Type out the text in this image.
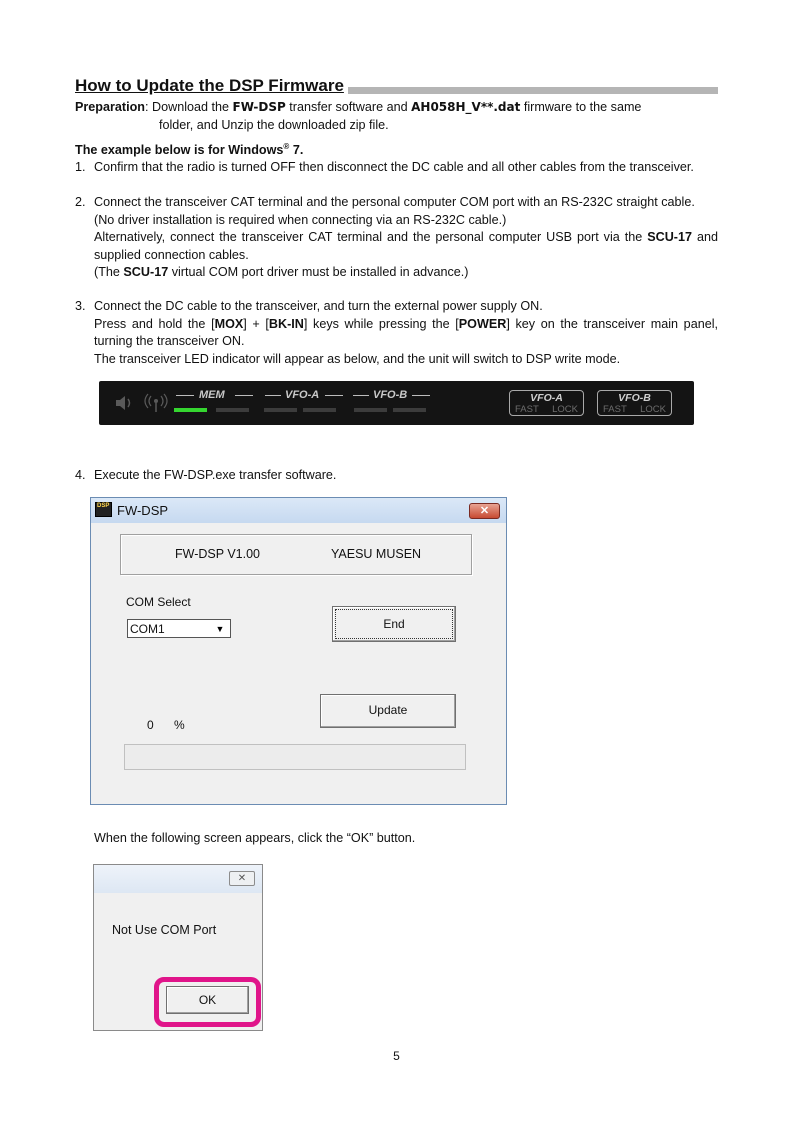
How to Update the DSP Firmware
Preparation: Download the FW-DSP transfer software and AH058H_V**.dat firmware to the same
folder, and Unzip the downloaded zip file.
The example below is for Windows® 7.
1. Confirm that the radio is turned OFF then disconnect the DC cable and all other cables from the transceiver.
2. Connect the transceiver CAT terminal and the personal computer COM port with an RS-232C straight cable.
(No driver installation is required when connecting via an RS-232C cable.)
Alternatively, connect the transceiver CAT terminal and the personal computer USB port via the SCU-17 and supplied connection cables.
(The SCU-17 virtual COM port driver must be installed in advance.)
3. Connect the DC cable to the transceiver, and turn the external power supply ON.
Press and hold the [MOX] + [BK-IN] keys while pressing the [POWER] key on the transceiver main panel, turning the transceiver ON.
The transceiver LED indicator will appear as below, and the unit will switch to DSP write mode.
MEM	VFO-A	VFO-B	VFO-A
FAST LOCK
VFO-B
FAST LOCK
4. Execute the FW-DSP.exe transfer software.
DSP FW-DSP	✕
FW-DSP V1.00	YAESU MUSEN
COM Select
COM1	▼	End
Update
0 %
When the following screen appears, click the “OK” button.
✕
Not Use COM Port
OK
5
